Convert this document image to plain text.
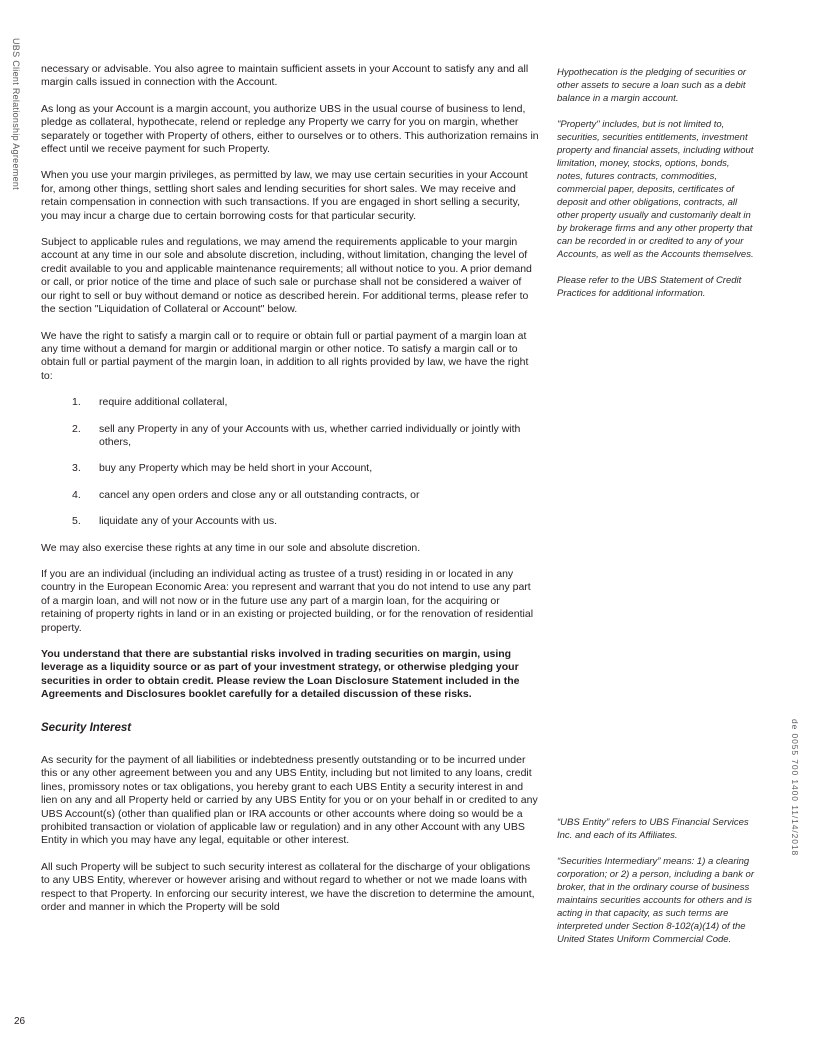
UBS Client Relationship Agreement necessary or advisable. You also agree to maintain sufficient assets in your Account to satisfy any and all margin calls issued in connection with the Account.

As long as your Account is a margin account, you authorize UBS in the usual course of business to lend, pledge as collateral, hypothecate, relend or repledge any Property we carry for you on margin, whether separately or together with Property of others, either to ourselves or to others. This authorization remains in effect until we receive payment for such Property.

When you use your margin privileges, as permitted by law, we may use certain securities in your Account for, among other things, settling short sales and lending securities for short sales. We may receive and retain compensation in connection with such transactions. If you are engaged in short selling a security, you may incur a charge due to certain borrowing costs for that particular security.

Subject to applicable rules and regulations, we may amend the requirements applicable to your margin account at any time in our sole and absolute discretion, including, without limitation, changing the level of credit available to you and applicable maintenance requirements; all without notice to you. A prior demand or call, or prior notice of the time and place of such sale or purchase shall not be considered a waiver of our right to sell or buy without demand or notice as described herein. For additional terms, please refer to the section "Liquidation of Collateral or Account" below.

We have the right to satisfy a margin call or to require or obtain full or partial payment of a margin loan at any time without a demand for margin or additional margin or other notice. To satisfy a margin call or to obtain full or partial payment of the margin loan, in addition to all rights provided by law, we have the right to:

1.	require additional collateral,
2.	sell any Property in any of your Accounts with us, whether carried individually or jointly with others,
3.	buy any Property which may be held short in your Account,
4.	cancel any open orders and close any or all outstanding contracts, or
5.	liquidate any of your Accounts with us.

We may also exercise these rights at any time in our sole and absolute discretion.

If you are an individual (including an individual acting as trustee of a trust) residing in or located in any country in the European Economic Area: you represent and warrant that you do not intend to use any part of a margin loan, and will not now or in the future use any part of a margin loan, for the acquiring or retaining of property rights in land or in an existing or projected building, or for the renovation of residential property.

You understand that there are substantial risks involved in trading securities on margin, using leverage as a liquidity source or as part of your investment strategy, or otherwise pledging your securities in order to obtain credit. Please review the Loan Disclosure Statement included in the Agreements and Disclosures booklet carefully for a detailed discussion of these risks.

Security Interest

As security for the payment of all liabilities or indebtedness presently outstanding or to be incurred under this or any other agreement between you and any UBS Entity, including but not limited to any loans, credit lines, promissory notes or tax obligations, you hereby grant to each UBS Entity a security interest in and lien on any and all Property held or carried by any UBS Entity for you or on your behalf in or credited to any UBS Account(s) (other than qualified plan or IRA accounts or other accounts where doing so would be a prohibited transaction or violation of applicable law or regulation) and in any other Account with any UBS Entity in which you may have any legal, equitable or other interest.

All such Property will be subject to such security interest as collateral for the discharge of your obligations to any UBS Entity, wherever or however arising and without regard to whether or not we made loans with respect to that Property. In enforcing our security interest, we have the discretion to determine the amount, order and manner in which the Property will be sold

Hypothecation is the pledging of securities or other assets to secure a loan such as a debit balance in a margin account.

"Property" includes, but is not limited to, securities, securities entitlements, investment property and financial assets, including without limitation, money, stocks, options, bonds, notes, futures contracts, commodities, commercial paper, deposits, certificates of deposit and other obligations, contracts, all other property usually and customarily dealt in by brokerage firms and any other property that can be recorded in or credited to any of your Accounts, as well as the Accounts themselves.

Please refer to the UBS Statement of Credit Practices for additional information.

“UBS Entity” refers to UBS Financial Services Inc. and each of its Affiliates.

“Securities Intermediary” means: 1) a clearing corporation; or 2) a person, including a bank or broker, that in the ordinary course of business maintains securities accounts for others and is acting in that capacity, as such terms are interpreted under Section 8-102(a)(14) of the United States Uniform Commercial Code.

de 0055 700 1400 11/14/2018
26
